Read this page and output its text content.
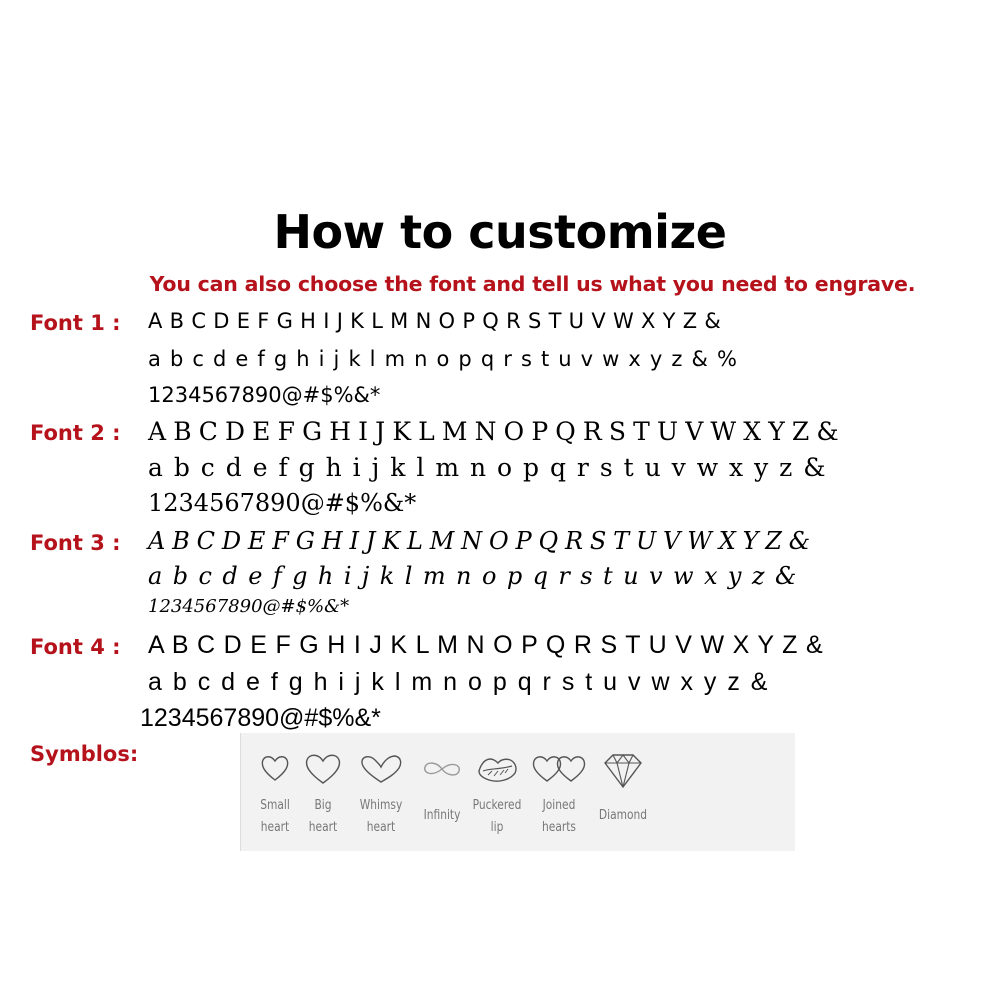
How to customize
You can also choose the font and tell us what you need to engrave.
Font 1 : A B C D E F G H I J K L M N O P Q R S T U V W X Y Z &
a b c d e f g h i j k l m n o p q r s t u v w x y z & %
1234567890@#$%&*
Font 2 : A B C D E F G H I J K L M N O P Q R S T U V W X Y Z &
a b c d e f g h i j k l m n o p q r s t u v w x y z &
1234567890@#$%&*
Font 3 : A B C D E F G H I J K L M N O P Q R S T U V W X Y Z &
a b c d e f g h i j k l m n o p q r s t u v w x y z &
1234567890@#$%&*
Font 4 : A B C D E F G H I J K L M N O P Q R S T U V W X Y Z &
a b c d e f g h i j k l m n o p q r s t u v w x y z &
1234567890@#$%&*
Symblos:
Small
heart
Big
heart
Whimsy
heart
Infinity
Puckered
lip
Joined
hearts
Diamond
